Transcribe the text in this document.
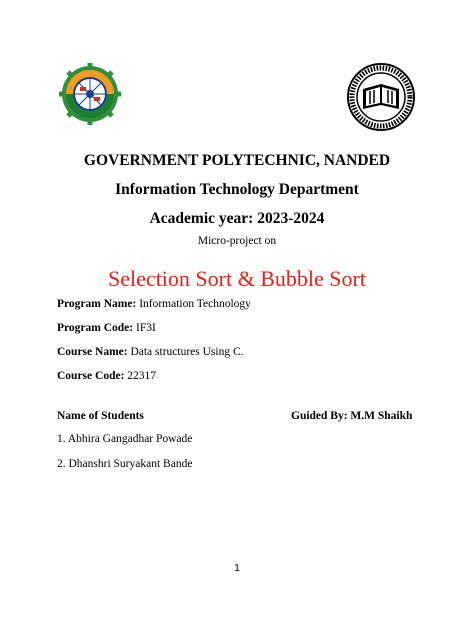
GOVERNMENT POLYTECHNIC, NANDED
Information Technology Department
Academic year: 2023-2024
Micro-project on
Selection Sort & Bubble Sort
Program Name: Information Technology
Program Code: IF3I
Course Name: Data structures Using C.
Course Code: 22317
Name of Students	Guided By: M.M Shaikh
1. Abhira Gangadhar Powade
2. Dhanshri Suryakant Bande
1
